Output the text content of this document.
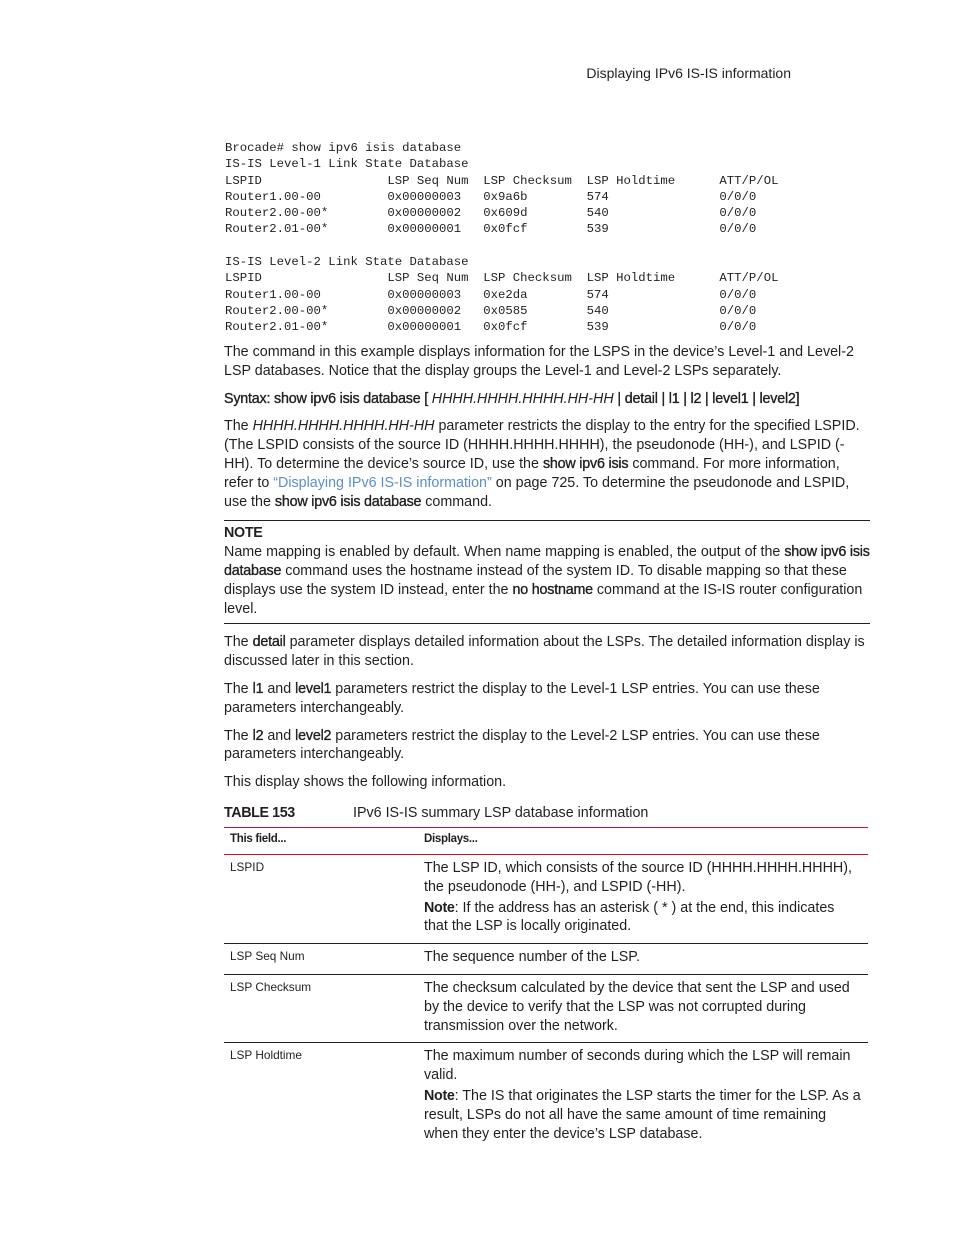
Displaying IPv6 IS-IS information
Brocade# show ipv6 isis database
IS-IS Level-1 Link State Database
LSPID                 LSP Seq Num  LSP Checksum  LSP Holdtime      ATT/P/OL
Router1.00-00         0x00000003   0x9a6b        574               0/0/0
Router2.00-00*        0x00000002   0x609d        540               0/0/0
Router2.01-00*        0x00000001   0x0fcf        539               0/0/0

IS-IS Level-2 Link State Database
LSPID                 LSP Seq Num  LSP Checksum  LSP Holdtime      ATT/P/OL
Router1.00-00         0x00000003   0xe2da        574               0/0/0
Router2.00-00*        0x00000002   0x0585        540               0/0/0
Router2.01-00*        0x00000001   0x0fcf        539               0/0/0

The command in this example displays information for the LSPS in the device’s Level-1 and Level-2 LSP databases. Notice that the display groups the Level-1 and Level-2 LSPs separately.

Syntax: show ipv6 isis database [ HHHH.HHHH.HHHH.HH-HH | detail | l1 | l2 | level1 | level2]

The HHHH.HHHH.HHHH.HH-HH parameter restricts the display to the entry for the specified LSPID. (The LSPID consists of the source ID (HHHH.HHHH.HHHH), the pseudonode (HH-), and LSPID (-HH). To determine the device’s source ID, use the show ipv6 isis command. For more information, refer to “Displaying IPv6 IS-IS information” on page 725. To determine the pseudonode and LSPID, use the show ipv6 isis database command.

NOTE

Name mapping is enabled by default. When name mapping is enabled, the output of the show ipv6 isis database command uses the hostname instead of the system ID. To disable mapping so that these displays use the system ID instead, enter the no hostname command at the IS-IS router configuration level.

The detail parameter displays detailed information about the LSPs. The detailed information display is discussed later in this section.

The l1 and level1 parameters restrict the display to the Level-1 LSP entries. You can use these parameters interchangeably.

The l2 and level2 parameters restrict the display to the Level-2 LSP entries. You can use these parameters interchangeably.

This display shows the following information.

TABLE 153	IPv6 IS-IS summary LSP database information
This field...	Displays...
LSPID	The LSP ID, which consists of the source ID (HHHH.HHHH.HHHH), the pseudonode (HH-), and LSPID (-HH).

Note: If the address has an asterisk ( * ) at the end, this indicates that the LSP is locally originated.

LSP Seq Num	The sequence number of the LSP.

LSP Checksum	The checksum calculated by the device that sent the LSP and used by the device to verify that the LSP was not corrupted during transmission over the network.

LSP Holdtime	The maximum number of seconds during which the LSP will remain valid.

Note: The IS that originates the LSP starts the timer for the LSP. As a result, LSPs do not all have the same amount of time remaining when they enter the device’s LSP database.
